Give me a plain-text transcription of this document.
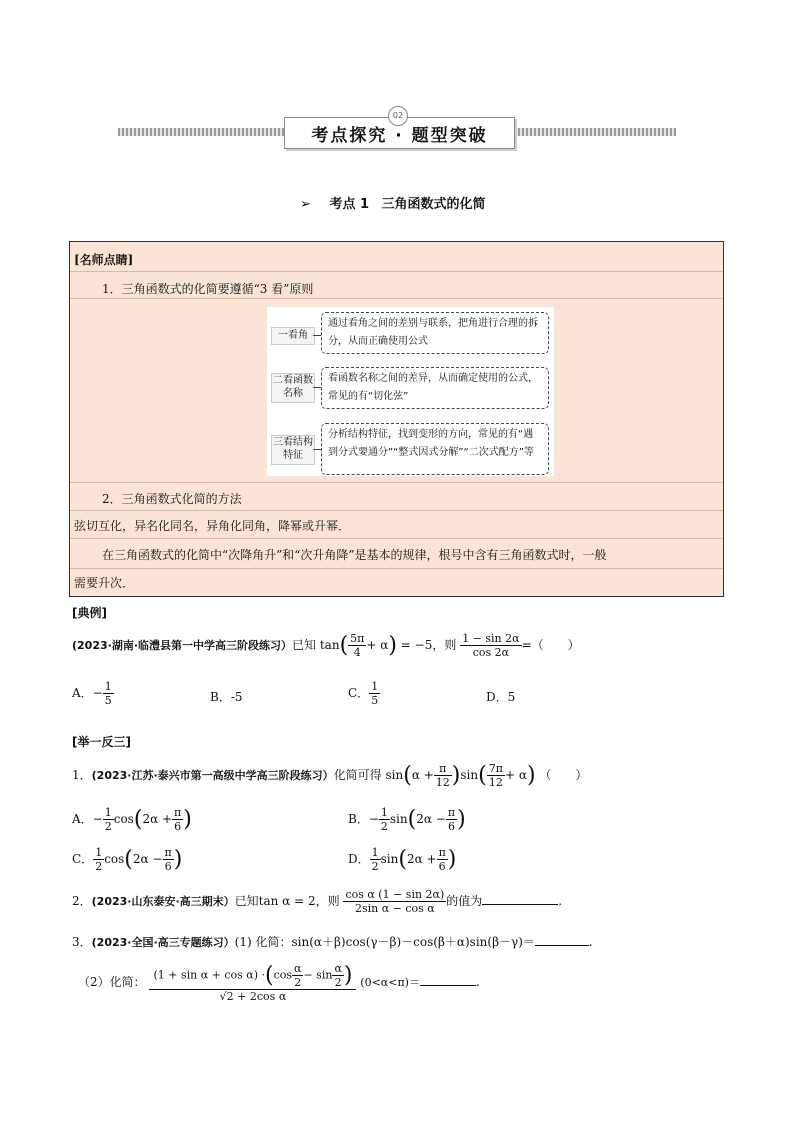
考点探究 · 题型突破
02
➢ 考点 1 三角函数式的化简
[名师点睛]
1．三角函数式的化简要遵循“3 看”原则
2．三角函数式化简的方法
弦切互化，异名化同名，异角化同角，降幂或升幂．
在三角函数式的化简中“次降角升”和“次升角降”是基本的规律，根号中含有三角函数式时，一般
需要升次．
一看角
通过看角之间的差别与联系，把角进行合理的拆分，从而正确使用公式
二看函数名称
看函数名称之间的差异，从而确定使用的公式，常见的有“切化弦”
三看结构特征
分析结构特征，找到变形的方向，常见的有“遇到分式要通分”“整式因式分解”“二次式配方”等
[典例]
(2023·湖南·临澧县第一中学高三阶段练习）已知 $\tan( \frac{5\pi}{4} + \alpha) = -5$，则 $\frac{1 - \sin 2\alpha}{\cos 2\alpha}$ =（　　）
A．− $\frac{1}{5}$	B．-5	C． $\frac{1}{5}$	D．5
[举一反三]
1．(2023·江苏·泰兴市第一高级中学高三阶段练习）化简可得 $\sin(\alpha + \frac{\pi}{12} )\sin( \frac{7\pi}{12} + \alpha)$ （　　）
A．− $\frac{1}{2} \cos(2\alpha + \frac{\pi}{6}$ )	B．− $\frac{1}{2} \sin(2\alpha - \frac{\pi}{6}$ )
C． $\frac{1}{2} \cos(2\alpha - \frac{\pi}{6}$ )	D． $\frac{1}{2} \sin(2\alpha + \frac{\pi}{6}$ )
2．(2023·山东泰安·高三期末）已知tan α = 2，则 $\frac{\text{cos α (1 − sin 2α)}}{\text{2sin α − cos α}}$ 的值为	.
3．(2023·全国·高三专题练习）(1) 化简：sin(α＋β)cos(γ－β)－cos(β＋α)sin(β－γ)＝	.
（2）化简： $\frac{(1 + \sin \alpha + \cos \alpha) \cdot(\cos \frac{\alpha}{2} - \sin \frac{\alpha}{2} )}{\text{√2 + 2cos α}} (0<\alpha<\pi)=$	.
